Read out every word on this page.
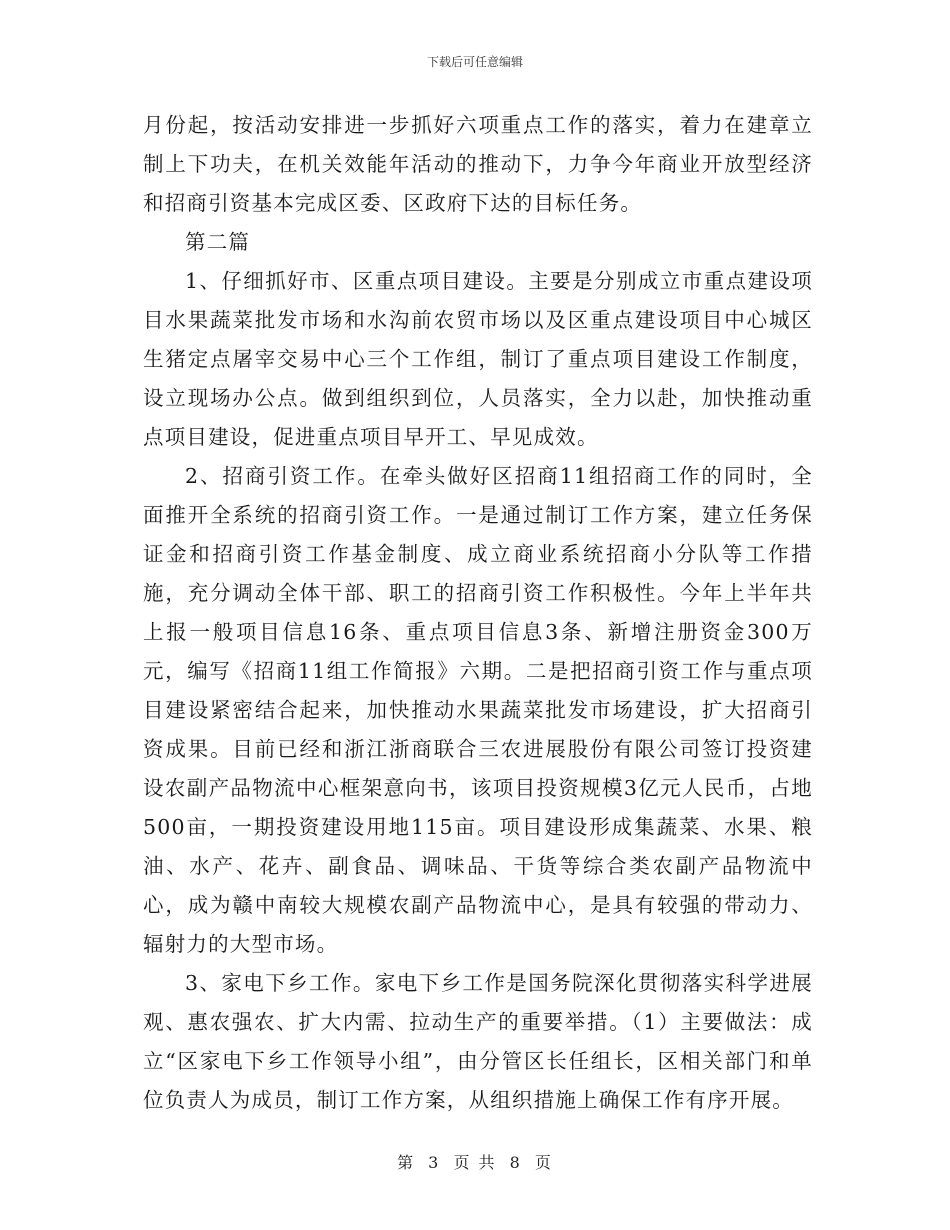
下载后可任意编辑

月份起，按活动安排进一步抓好六项重点工作的落实，着力在建章立制上下功夫，在机关效能年活动的推动下，力争今年商业开放型经济和招商引资基本完成区委、区政府下达的目标任务。

第二篇

1、仔细抓好市、区重点项目建设。主要是分别成立市重点建设项目水果蔬菜批发市场和水沟前农贸市场以及区重点建设项目中心城区生猪定点屠宰交易中心三个工作组，制订了重点项目建设工作制度，设立现场办公点。做到组织到位，人员落实，全力以赴，加快推动重点项目建设，促进重点项目早开工、早见成效。

2、招商引资工作。在牵头做好区招商11组招商工作的同时，全面推开全系统的招商引资工作。一是通过制订工作方案，建立任务保证金和招商引资工作基金制度、成立商业系统招商小分队等工作措施，充分调动全体干部、职工的招商引资工作积极性。今年上半年共上报一般项目信息16条、重点项目信息3条、新增注册资金300万元，编写《招商11组工作简报》六期。二是把招商引资工作与重点项目建设紧密结合起来，加快推动水果蔬菜批发市场建设，扩大招商引资成果。目前已经和浙江浙商联合三农进展股份有限公司签订投资建设农副产品物流中心框架意向书，该项目投资规模3亿元人民币，占地500亩，一期投资建设用地115亩。项目建设形成集蔬菜、水果、粮油、水产、花卉、副食品、调味品、干货等综合类农副产品物流中心，成为赣中南较大规模农副产品物流中心，是具有较强的带动力、辐射力的大型市场。

3、家电下乡工作。家电下乡工作是国务院深化贯彻落实科学进展观、惠农强农、扩大内需、拉动生产的重要举措。（1）主要做法：成立“区家电下乡工作领导小组”，由分管区长任组长，区相关部门和单位负责人为成员，制订工作方案，从组织措施上确保工作有序开展。

第 3 页 共 8 页
